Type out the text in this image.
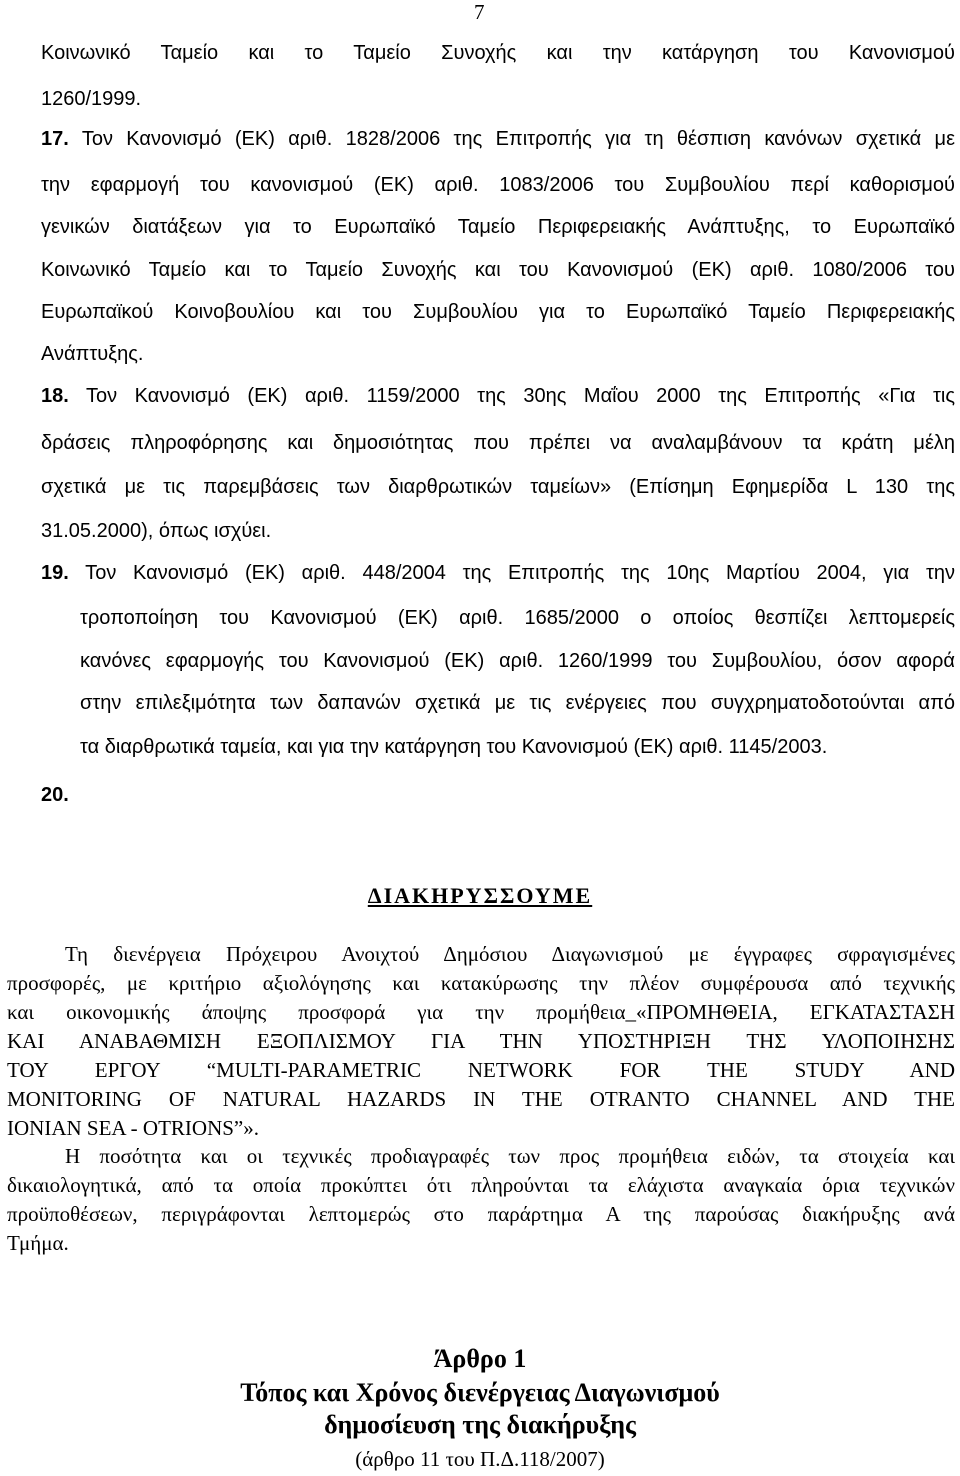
7
Κοινωνικό Ταμείο και το Ταμείο Συνοχής και την κατάργηση του Κανονισμού
1260/1999.
17. Τον Κανονισμό (ΕΚ) αριθ. 1828/2006 της Επιτροπής για τη θέσπιση κανόνων σχετικά με
την εφαρμογή του κανονισμού (ΕΚ) αριθ. 1083/2006 του Συμβουλίου περί καθορισμού
γενικών διατάξεων για το Ευρωπαϊκό Ταμείο Περιφερειακής Ανάπτυξης, το Ευρωπαϊκό
Κοινωνικό Ταμείο και το Ταμείο Συνοχής και του Κανονισμού (ΕΚ) αριθ. 1080/2006 του
Ευρωπαϊκού Κοινοβουλίου και του Συμβουλίου για το Ευρωπαϊκό Ταμείο Περιφερειακής
Ανάπτυξης.
18. Τον Κανονισμό (ΕΚ) αριθ. 1159/2000 της 30ης Μαΐου 2000 της Επιτροπής «Για τις
δράσεις πληροφόρησης και δημοσιότητας που πρέπει να αναλαμβάνουν τα κράτη μέλη
σχετικά με τις παρεμβάσεις των διαρθρωτικών ταμείων» (Επίσημη Εφημερίδα L 130 της
31.05.2000), όπως ισχύει.
19. Τον Κανονισμό (ΕΚ) αριθ. 448/2004 της Επιτροπής της 10ης Μαρτίου 2004, για την
τροποποίηση του Κανονισμού (ΕΚ) αριθ. 1685/2000 ο οποίος θεσπίζει λεπτομερείς
κανόνες εφαρμογής του Κανονισμού (ΕΚ) αριθ. 1260/1999 του Συμβουλίου, όσον αφορά
στην επιλεξιμότητα των δαπανών σχετικά με τις ενέργειες που συγχρηματοδοτούνται από
τα διαρθρωτικά ταμεία, και για την κατάργηση του Κανονισμού (ΕΚ) αριθ. 1145/2003.
20.
ΔΙΑΚΗΡΥΣΣΟΥΜΕ
Τη διενέργεια Πρόχειρου Ανοιχτού Δημόσιου Διαγωνισμού με έγγραφες σφραγισμένες
προσφορές, με κριτήριο αξιολόγησης και κατακύρωσης την πλέον συμφέρουσα από τεχνικής
και οικονομικής άποψης προσφορά για την προμήθεια_«ΠΡΟΜΗΘΕΙΑ, ΕΓΚΑΤΑΣΤΑΣΗ
ΚΑΙ ΑΝΑΒΑΘΜΙΣΗ ΕΞΟΠΛΙΣΜΟΥ ΓΙΑ ΤΗΝ ΥΠΟΣΤΗΡΙΞΗ ΤΗΣ ΥΛΟΠΟΙΗΣΗΣ
ΤΟΥ ΕΡΓΟΥ “MULTI-PARAMETRIC NETWORK FOR THE STUDY AND
MONITORING OF NATURAL HAZARDS IN THE OTRANTO CHANNEL AND THE
IONIAN SEA - OTRIONS”».
Η ποσότητα και οι τεχνικές προδιαγραφές των προς προμήθεια ειδών, τα στοιχεία και
δικαιολογητικά, από τα οποία προκύπτει ότι πληρούνται τα ελάχιστα αναγκαία όρια τεχνικών
προϋποθέσεων, περιγράφονται λεπτομερώς στο παράρτημα Α της παρούσας διακήρυξης ανά
Τμήμα.
Άρθρο 1
Τόπος και Χρόνος διενέργειας Διαγωνισμού
δημοσίευση της διακήρυξης
(άρθρο 11 του Π.Δ.118/2007)
